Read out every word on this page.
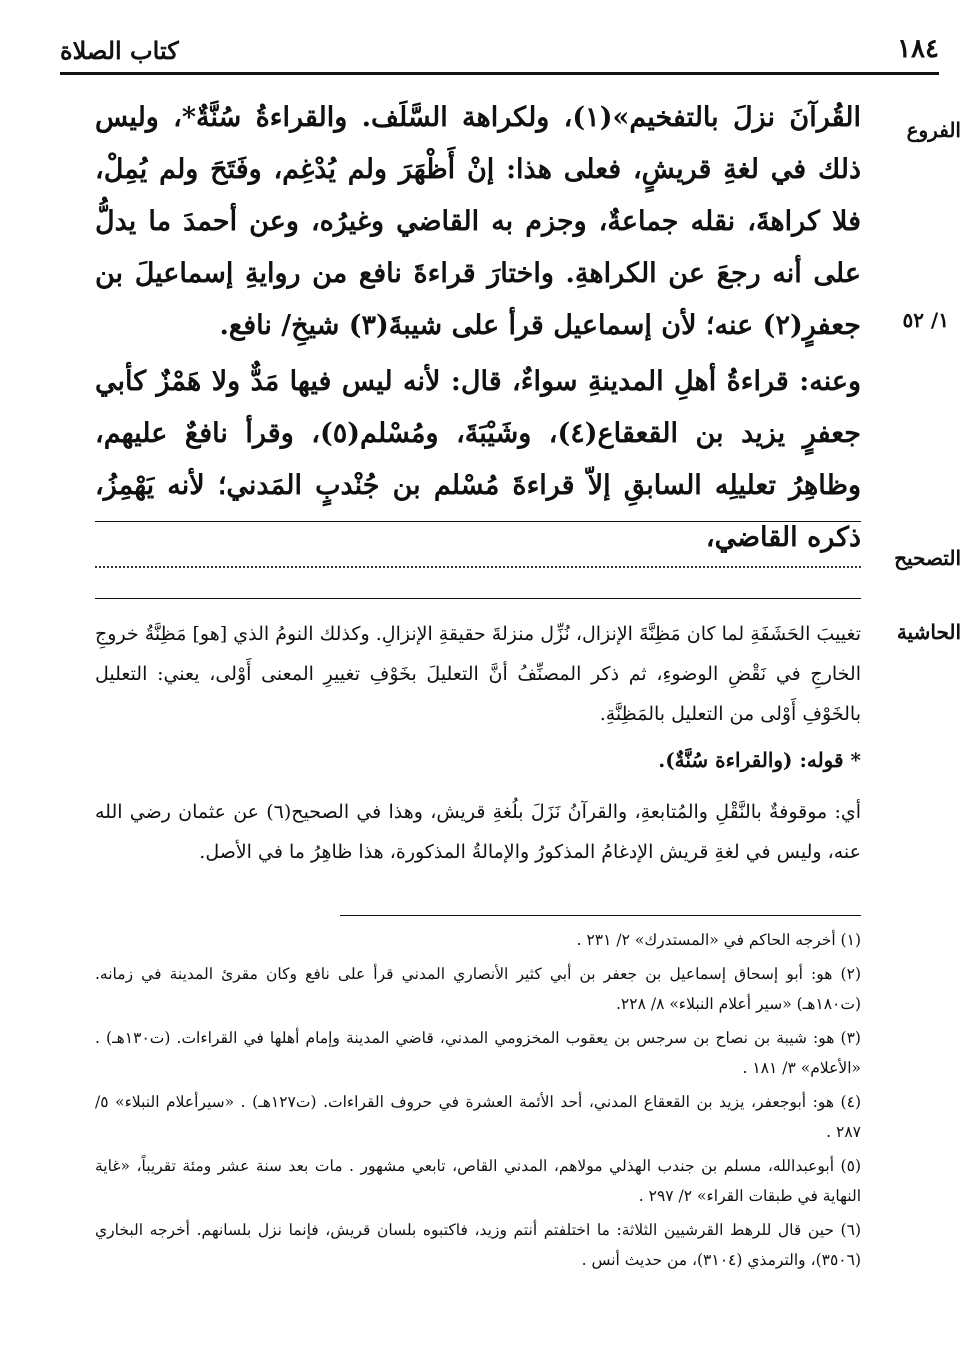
١٨٤
كتاب الصلاة
الفروع
١/ ٥٢

القُرآنَ نزلَ بالتفخيم»(١)، ولكراهة السَّلَف. والقراءةُ سُنَّةٌ*، وليس ذلك في لغةِ قريشٍ، فعلى هذا: إنْ أَظْهَرَ ولم يُدْغِم، وفَتَحَ ولم يُمِلْ، فلا كراهةَ، نقله جماعةٌ، وجزم به القاضي وغيرُه، وعن أحمدَ ما يدلُّ على أنه رجعَ عن الكراهةِ. واختارَ قراءةَ نافع من روايةِ إسماعيلَ بن جعفرٍ(٢) عنه؛ لأن إسماعيل قرأ على شيبةَ(٣) شيخِ/ نافع.

وعنه: قراءةُ أهلِ المدينةِ سواءٌ، قال: لأنه ليس فيها مَدٌّ ولا هَمْزٌ كأبي جعفرٍ يزيد بن القعقاع(٤)، وشَيْبَةَ، ومُسْلم(٥)، وقرأ نافعٌ عليهم، وظاهِرُ تعليلِه السابقِ إلاّ قراءةَ مُسْلم بن جُنْدبٍ المَدني؛ لأنه يَهْمِزُ، ذكره القاضي،

التصحيح
الحاشية

تغييبَ الحَشَفَةِ لما كان مَظِنَّةَ الإنزال، نُزِّل منزلةَ حقيقةِ الإنزالِ. وكذلك النومُ الذي [هو] مَظِنَّةُ خروجِ الخارجِ في نَقْضِ الوضوءِ، ثم ذكر المصنِّفُ أنَّ التعليلَ بخَوْفِ تغييرِ المعنى أَوْلى، يعني: التعليل بالخَوْفِ أَوْلى من التعليل بالمَظِنَّةِ.

* قوله: (والقراءة سُنَّةٌ).

أي: موقوفةٌ بالنَّقْلِ والمُتابعةِ، والقرآنُ نَزَلَ بلُغةِ قريش، وهذا في الصحيح(٦) عن عثمان رضي الله عنه، وليس في لغةِ قريش الإدغامُ المذكورُ والإمالةُ المذكورة، هذا ظاهِرُ ما في الأصل.

(١) أخرجه الحاكم في «المستدرك» ٢/ ٢٣١ .

(٢) هو: أبو إسحاق إسماعيل بن جعفر بن أبي كثير الأنصاري المدني قرأ على نافع وكان مقرئ المدينة في زمانه. (ت١٨٠هـ) «سير أعلام النبلاء» ٨/ ٢٢٨.

(٣) هو: شيبة بن نصاح بن سرجس بن يعقوب المخزومي المدني، قاضي المدينة وإمام أهلها في القراءات. (ت١٣٠هـ) . «الأعلام» ٣/ ١٨١ .

(٤) هو: أبوجعفر، يزيد بن القعقاع المدني، أحد الأئمة العشرة في حروف القراءات. (ت١٢٧هـ) . «سيرأعلام النبلاء» ٥/ ٢٨٧ .

(٥) أبوعبدالله، مسلم بن جندب الهذلي مولاهم، المدني القاص، تابعي مشهور . مات بعد سنة عشر ومئة تقريباً، «غاية النهاية في طبقات القراء» ٢/ ٢٩٧ .

(٦) حين قال للرهط القرشيين الثلاثة: ما اختلفتم أنتم وزيد، فاكتبوه بلسان قريش، فإنما نزل بلسانهم. أخرجه البخاري (٣٥٠٦)، والترمذي (٣١٠٤)، من حديث أنس .
